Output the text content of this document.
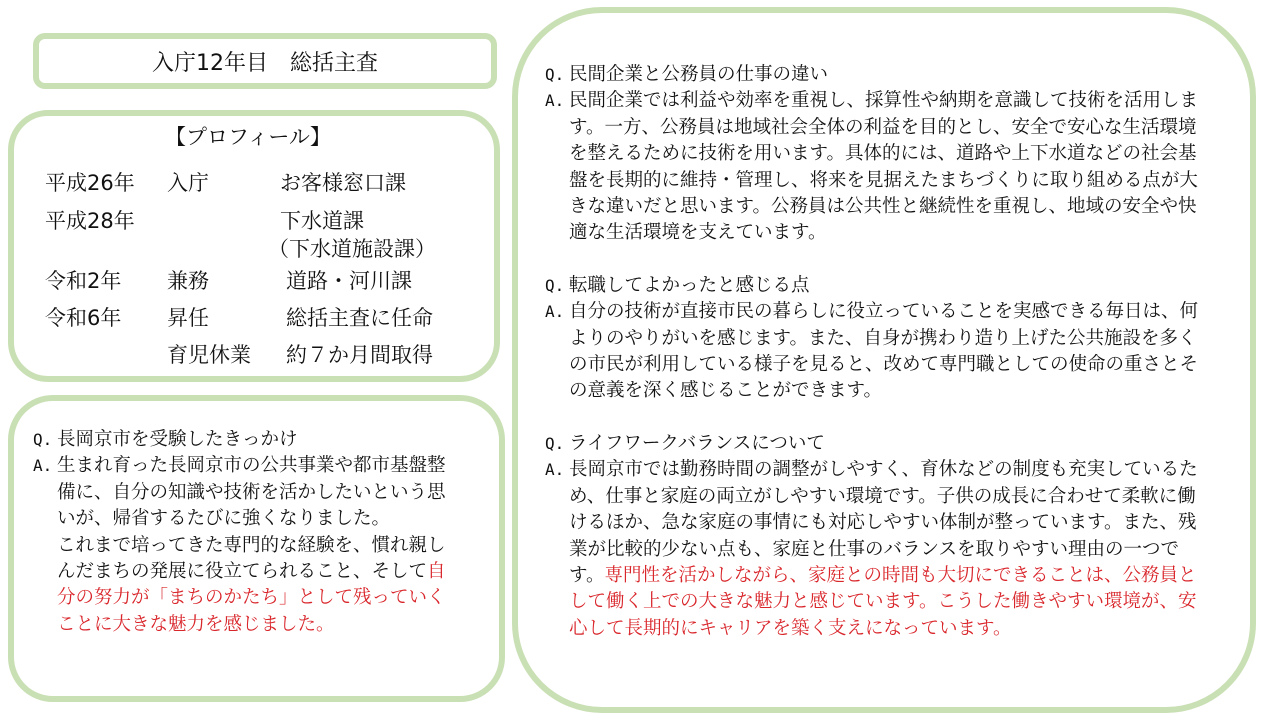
入庁12年目　総括主査
【プロフィール】
平成26年 入庁	お客様窓口課
平成28年	下水道課
（下水道施設課）
令和2年 兼務	道路・河川課
令和6年 昇任	総括主査に任命
育児休業 約７か月間取得
Q. 長岡京市を受験したきっかけ
A. 生まれ育った長岡京市の公共事業や都市基盤整備に、自分の知識や技術を活かしたいという思いが、帰省するたびに強くなりました。
これまで培ってきた専門的な経験を、慣れ親しんだまちの発展に役立てられること、そして自分の努力が「まちのかたち」として残っていくことに大きな魅力を感じました。
Q. 民間企業と公務員の仕事の違い
A. 民間企業では利益や効率を重視し、採算性や納期を意識して技術を活用します。一方、公務員は地域社会全体の利益を目的とし、安全で安心な生活環境を整えるために技術を用います。具体的には、道路や上下水道などの社会基盤を長期的に維持・管理し、将来を見据えたまちづくりに取り組める点が大きな違いだと思います。公務員は公共性と継続性を重視し、地域の安全や快適な生活環境を支えています。
Q. 転職してよかったと感じる点
A. 自分の技術が直接市民の暮らしに役立っていることを実感できる毎日は、何よりのやりがいを感じます。また、自身が携わり造り上げた公共施設を多くの市民が利用している様子を見ると、改めて専門職としての使命の重さとその意義を深く感じることができます。
Q. ライフワークバランスについて
A. 長岡京市では勤務時間の調整がしやすく、育休などの制度も充実しているため、仕事と家庭の両立がしやすい環境です。子供の成長に合わせて柔軟に働けるほか、急な家庭の事情にも対応しやすい体制が整っています。また、残業が比較的少ない点も、家庭と仕事のバランスを取りやすい理由の一つです。専門性を活かしながら、家庭との時間も大切にできることは、公務員として働く上での大きな魅力と感じています。こうした働きやすい環境が、安心して長期的にキャリアを築く支えになっています。
